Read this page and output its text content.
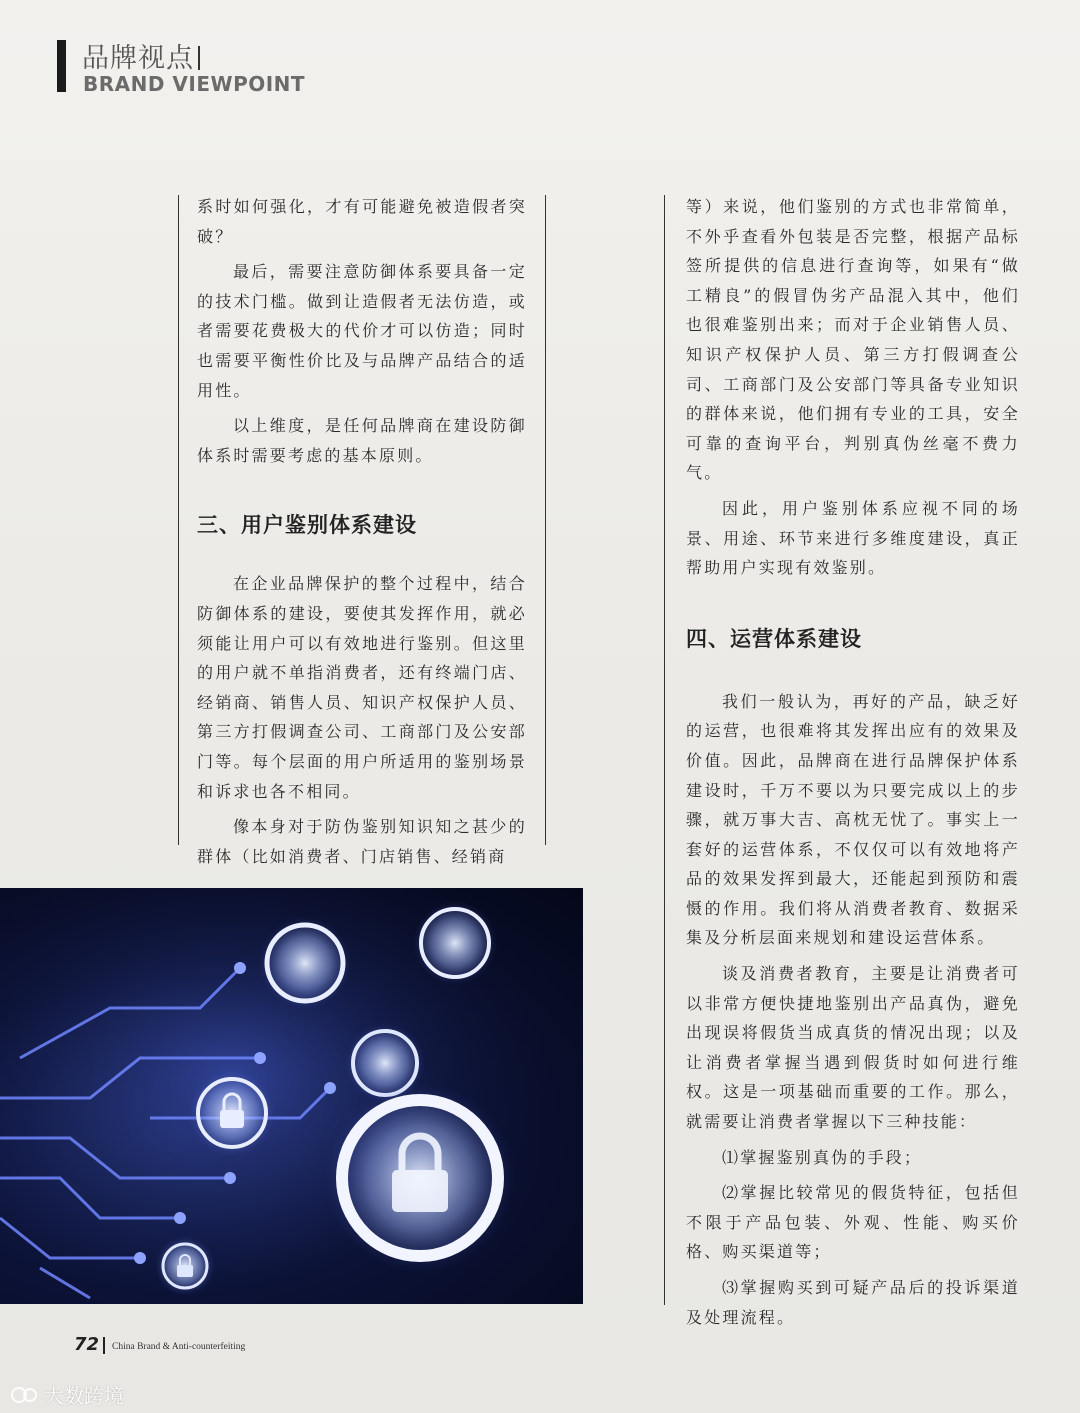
品牌视点
BRAND VIEWPOINT

系时如何强化，才有可能避免被造假者突破？

最后，需要注意防御体系要具备一定的技术门槛。做到让造假者无法仿造，或者需要花费极大的代价才可以仿造；同时也需要平衡性价比及与品牌产品结合的适用性。

以上维度，是任何品牌商在建设防御体系时需要考虑的基本原则。

三、用户鉴别体系建设

在企业品牌保护的整个过程中，结合防御体系的建设，要使其发挥作用，就必须能让用户可以有效地进行鉴别。但这里的用户就不单指消费者，还有终端门店、经销商、销售人员、知识产权保护人员、第三方打假调查公司、工商部门及公安部门等。每个层面的用户所适用的鉴别场景和诉求也各不相同。

像本身对于防伪鉴别知识知之甚少的群体（比如消费者、门店销售、经销商

等）来说，他们鉴别的方式也非常简单，不外乎查看外包装是否完整，根据产品标签所提供的信息进行查询等，如果有“做工精良”的假冒伪劣产品混入其中，他们也很难鉴别出来；而对于企业销售人员、知识产权保护人员、第三方打假调查公司、工商部门及公安部门等具备专业知识的群体来说，他们拥有专业的工具，安全可靠的查询平台，判别真伪丝毫不费力气。

因此，用户鉴别体系应视不同的场景、用途、环节来进行多维度建设，真正帮助用户实现有效鉴别。

四、运营体系建设

我们一般认为，再好的产品，缺乏好的运营，也很难将其发挥出应有的效果及价值。因此，品牌商在进行品牌保护体系建设时，千万不要以为只要完成以上的步骤，就万事大吉、高枕无忧了。事实上一套好的运营体系，不仅仅可以有效地将产品的效果发挥到最大，还能起到预防和震慑的作用。我们将从消费者教育、数据采集及分析层面来规划和建设运营体系。

谈及消费者教育，主要是让消费者可以非常方便快捷地鉴别出产品真伪，避免出现误将假货当成真货的情况出现；以及让消费者掌握当遇到假货时如何进行维权。这是一项基础而重要的工作。那么，就需要让消费者掌握以下三种技能：

⑴掌握鉴别真伪的手段；

⑵掌握比较常见的假货特征，包括但不限于产品包装、外观、性能、购买价格、购买渠道等；

⑶掌握购买到可疑产品后的投诉渠道及处理流程。

72 China Brand & Anti-counterfeiting
大数跨境
